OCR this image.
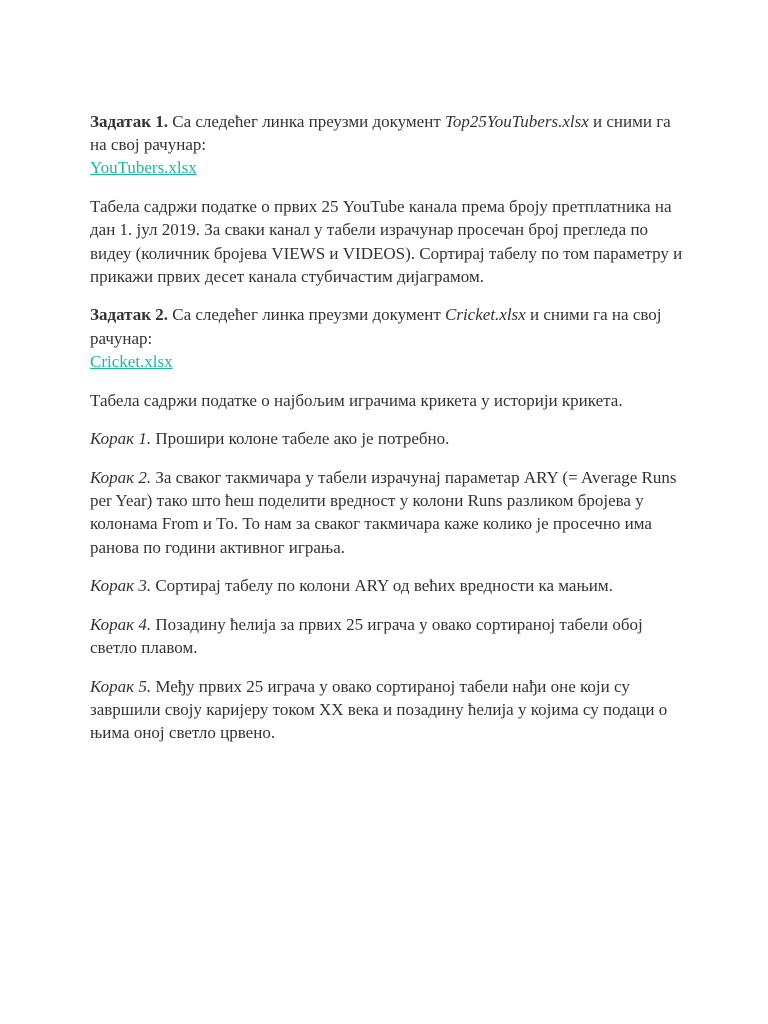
Задатак 1. Са следећег линка преузми документ Top25YouTubers.xlsx и сними га на свој рачунар:
YouTubers.xlsx

Табела садржи податке о првих 25 YouTube канала према броју претплатника на дан 1. јул 2019. За сваки канал у табели израчунар просечан број прегледа по видеу (количник бројева VIEWS и VIDEOS). Сортирај табелу по том параметру и прикажи првих десет канала стубичастим дијаграмом.

Задатак 2. Са следећег линка преузми документ Cricket.xlsx и сними га на свој рачунар:
Cricket.xlsx

Табела садржи податке о најбољим играчима крикета у историји крикета.

Корак 1. Прошири колоне табеле ако је потребно.

Корак 2. За сваког такмичара у табели израчунај параметар ARY (= Average Runs per Year) тако што ћеш поделити вредност у колони Runs разликом бројева у колонама From и To. То нам за сваког такмичара каже колико је просечно има ранова по години активног играња.

Корак 3. Сортирај табелу по колони ARY од већих вредности ка мањим.

Корак 4. Позадину ћелија за првих 25 играча у овако сортираној табели обој светло плавом.

Корак 5. Међу првих 25 играча у овако сортираној табели нађи оне који су завршили своју каријеру током XX века и позадину ћелија у којима су подаци о њима оној светло црвено.
